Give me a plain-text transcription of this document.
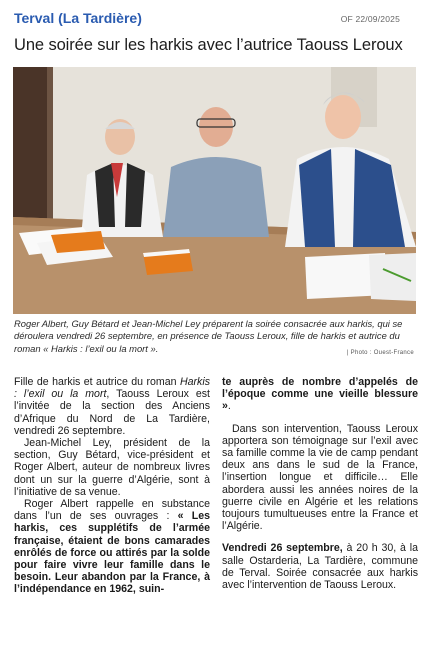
Terval (La Tardière)	OF 22/09/2025
Une soirée sur les harkis avec l’autrice Taouss Leroux
Roger Albert, Guy Bétard et Jean-Michel Ley préparent la soirée consacrée aux harkis, qui se déroulera vendredi 26 septembre, en présence de Taouss Leroux, fille de harkis et autrice du roman « Harkis : l’exil ou la mort ».	| Photo : Ouest-France

Fille de harkis et autrice du roman Harkis : l’exil ou la mort, Taouss Leroux est l’invitée de la section des Anciens d’Afrique du Nord de La Tardière, vendredi 26 septembre.

Jean-Michel Ley, président de la section, Guy Bétard, vice-président et Roger Albert, auteur de nombreux livres dont un sur la guerre d’Algérie, sont à l’initiative de sa venue.

Roger Albert rappelle en substance dans l’un de ses ouvrages : « Les harkis, ces supplétifs de l’armée française, étaient de bons camarades enrôlés de force ou attirés par la solde pour faire vivre leur famille dans le besoin. Leur abandon par la France, à l’indépendance en 1962, suin-

te auprès de nombre d’appelés de l’époque comme une vieille blessure ».

Dans son intervention, Taouss Leroux apportera son témoignage sur l’exil avec sa famille comme la vie de camp pendant deux ans dans le sud de la France, l’insertion longue et difficile… Elle abordera aussi les années noires de la guerre civile en Algérie et les relations toujours tumultueuses entre la France et l’Algérie.

Vendredi 26 septembre, à 20 h 30, à la salle Ostarderia, La Tardière, commune de Terval. Soirée consacrée aux harkis avec l’intervention de Taouss Leroux.
